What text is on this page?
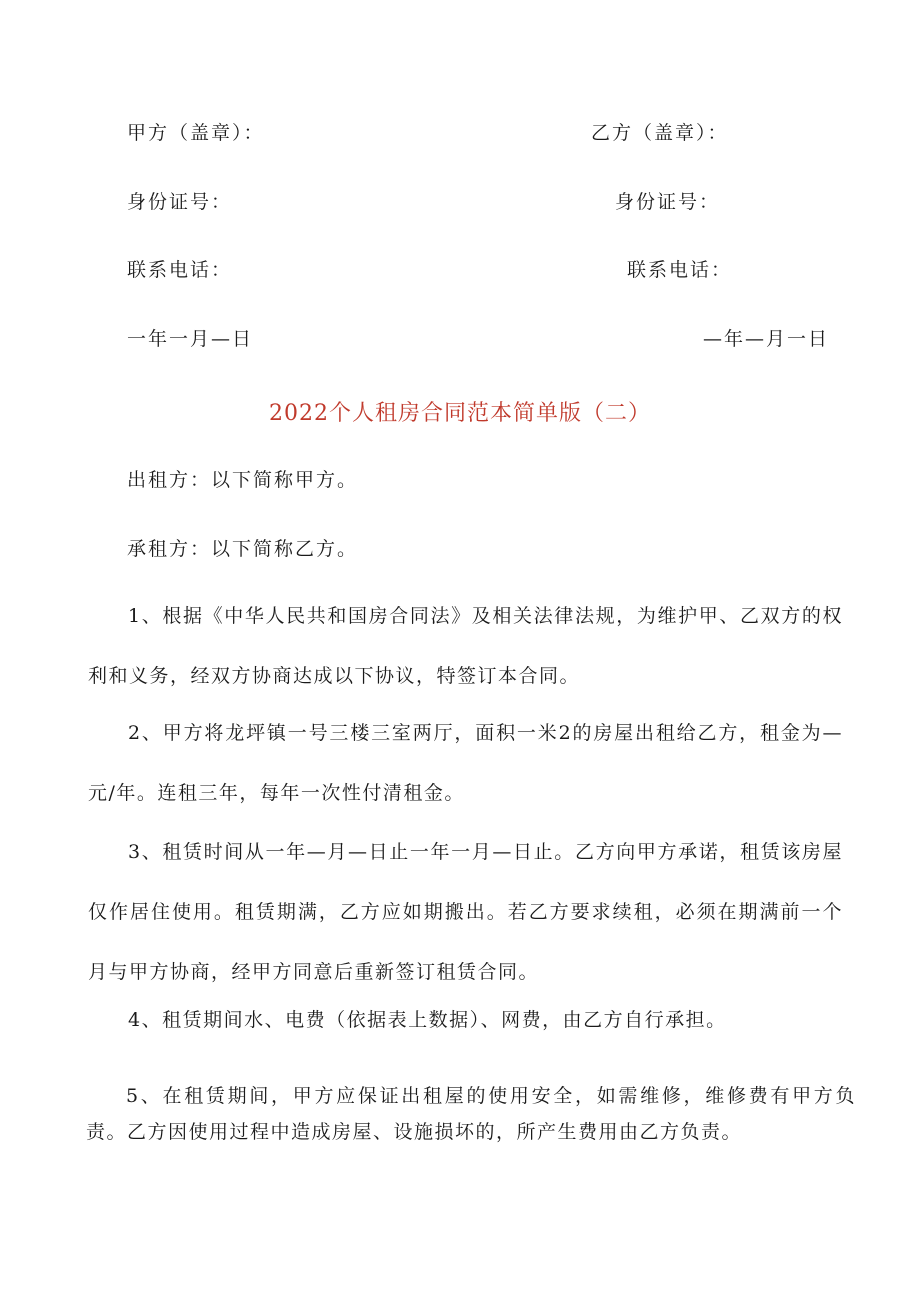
甲方（盖章）：	乙方（盖章）：
身份证号：	身份证号：
联系电话：	联系电话：
一年一月—日	—年—月一日
2022个人租房合同范本简单版（二）
出租方：以下简称甲方。
承租方：以下简称乙方。
1、根据《中华人民共和国房合同法》及相关法律法规，为维护甲、乙双方的权利和义务，经双方协商达成以下协议，特签订本合同。
2、甲方将龙坪镇一号三楼三室两厅，面积一米2的房屋出租给乙方，租金为—元/年。连租三年，每年一次性付清租金。
3、租赁时间从一年—月—日止一年一月—日止。乙方向甲方承诺，租赁该房屋仅作居住使用。租赁期满，乙方应如期搬出。若乙方要求续租，必须在期满前一个月与甲方协商，经甲方同意后重新签订租赁合同。
4、租赁期间水、电费（依据表上数据）、网费，由乙方自行承担。
5、在租赁期间，甲方应保证出租屋的使用安全，如需维修，维修费有甲方负责。乙方因使用过程中造成房屋、设施损坏的，所产生费用由乙方负责。
